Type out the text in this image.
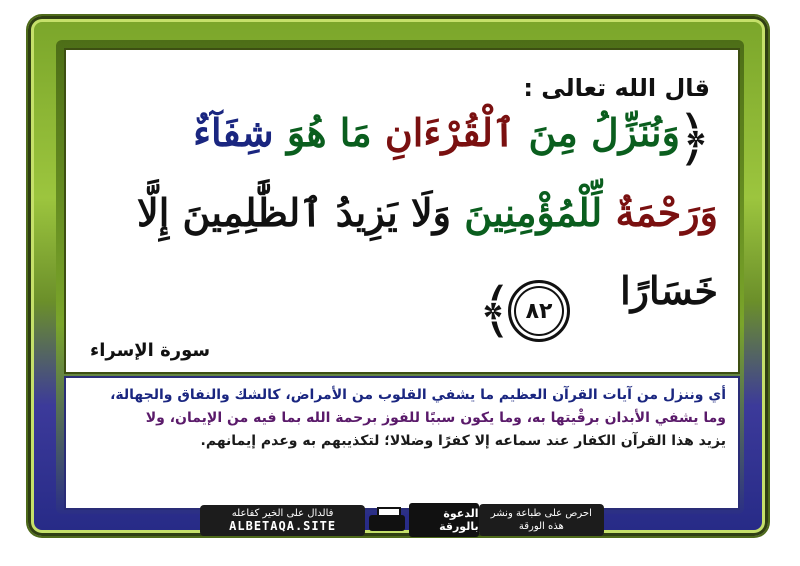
قال الله تعالى :
﴿
وَنُنَزِّلُ مِنَ ٱلْقُرْءَانِ مَا هُوَ شِفَآءٌ
وَرَحْمَةٌ لِّلْمُؤْمِنِينَ وَلَا يَزِيدُ ٱلظَّٰلِمِينَ إِلَّا
خَسَارًا
٨٢
﴾
سورة الإسراء
أي وننزل من آيات القرآن العظيم ما يشفي القلوب من الأمراض، كالشك والنفاق والجهالة،
وما يشفي الأبدان برقْيتها به، وما يكون سببًا للفوز برحمة الله بما فيه من الإيمان، ولا
يزيد هذا القرآن الكفار عند سماعه إلا كفرًا وضلالا؛ لتكذيبهم به وعدم إيمانهم.
فالدال على الخير كفاعله
ALBETAQA.SITE
الدعوة بالورقة
احرص على طباعة ونشر هذه الورقة
